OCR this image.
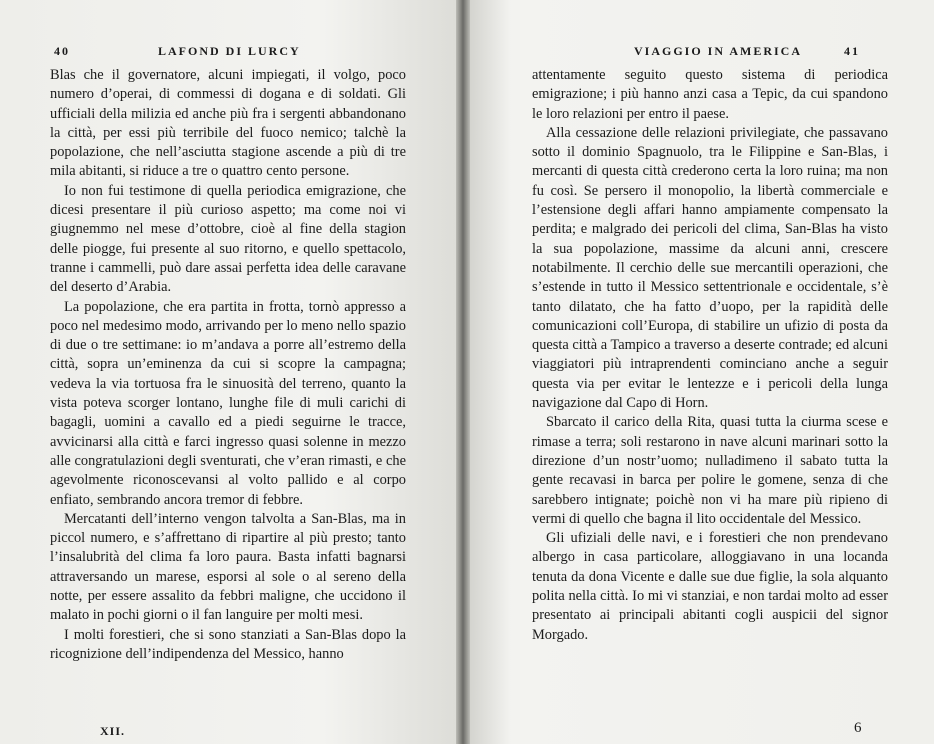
40	LAFOND DI LURCY

Blas che il governatore, alcuni impiegati, il volgo, poco numero d’operai, di commessi di dogana e di soldati. Gli ufficiali della milizia ed anche più fra i sergenti abbandonano la città, per essi più terribile del fuoco nemico; talchè la popolazione, che nell’asciutta stagione ascende a più di tre mila abitanti, si riduce a tre o quattro cento persone.

Io non fui testimone di quella periodica emigrazione, che dicesi presentare il più curioso aspetto; ma come noi vi giugnemmo nel mese d’ottobre, cioè al fine della stagion delle piogge, fui presente al suo ritorno, e quello spettacolo, tranne i cammelli, può dare assai perfetta idea delle caravane del deserto d’Arabia.

La popolazione, che era partita in frotta, tornò appresso a poco nel medesimo modo, arrivando per lo meno nello spazio di due o tre settimane: io m’andava a porre all’estremo della città, sopra un’eminenza da cui si scopre la campagna; vedeva la via tortuosa fra le sinuosità del terreno, quanto la vista poteva scorger lontano, lunghe file di muli carichi di bagagli, uomini a cavallo ed a piedi seguirne le tracce, avvicinarsi alla città e farci ingresso quasi solenne in mezzo alle congratulazioni degli sventurati, che v’eran rimasti, e che agevolmente riconoscevansi al volto pallido e al corpo enfiato, sembrando ancora tremor di febbre.

Mercatanti dell’interno vengon talvolta a San-Blas, ma in piccol numero, e s’affrettano di ripartire al più presto; tanto l’insalubrità del clima fa loro paura. Basta infatti bagnarsi attraversando un marese, esporsi al sole o al sereno della notte, per essere assalito da febbri maligne, che uccidono il malato in pochi giorni o il fan languire per molti mesi.

I molti forestieri, che si sono stanziati a San-Blas dopo la ricognizione dell’indipendenza del Messico, hanno

XII.
VIAGGIO IN AMERICA	41

attentamente seguito questo sistema di periodica emigrazione; i più hanno anzi casa a Tepic, da cui spandono le loro relazioni per entro il paese.

Alla cessazione delle relazioni privilegiate, che passavano sotto il dominio Spagnuolo, tra le Filippine e San-Blas, i mercanti di questa città crederono certa la loro ruina; ma non fu così. Se persero il monopolio, la libertà commerciale e l’estensione degli affari hanno ampiamente compensato la perdita; e malgrado dei pericoli del clima, San-Blas ha visto la sua popolazione, massime da alcuni anni, crescere notabilmente. Il cerchio delle sue mercantili operazioni, che s’estende in tutto il Messico settentrionale e occidentale, s’è tanto dilatato, che ha fatto d’uopo, per la rapidità delle comunicazioni coll’Europa, di stabilire un ufizio di posta da questa città a Tampico a traverso a deserte contrade; ed alcuni viaggiatori più intraprendenti cominciano anche a seguir questa via per evitar le lentezze e i pericoli della lunga navigazione dal Capo di Horn.

Sbarcato il carico della Rita, quasi tutta la ciurma scese e rimase a terra; soli restarono in nave alcuni marinari sotto la direzione d’un nostr’uomo; nulladimeno il sabato tutta la gente recavasi in barca per polire le gomene, senza di che sarebbero intignate; poichè non vi ha mare più ripieno di vermi di quello che bagna il lito occidentale del Messico.

Gli ufiziali delle navi, e i forestieri che non prendevano albergo in casa particolare, alloggiavano in una locanda tenuta da dona Vicente e dalle sue due figlie, la sola alquanto polita nella città. Io mi vi stanziai, e non tardai molto ad esser presentato ai principali abitanti cogli auspicii del signor Morgado.

6
